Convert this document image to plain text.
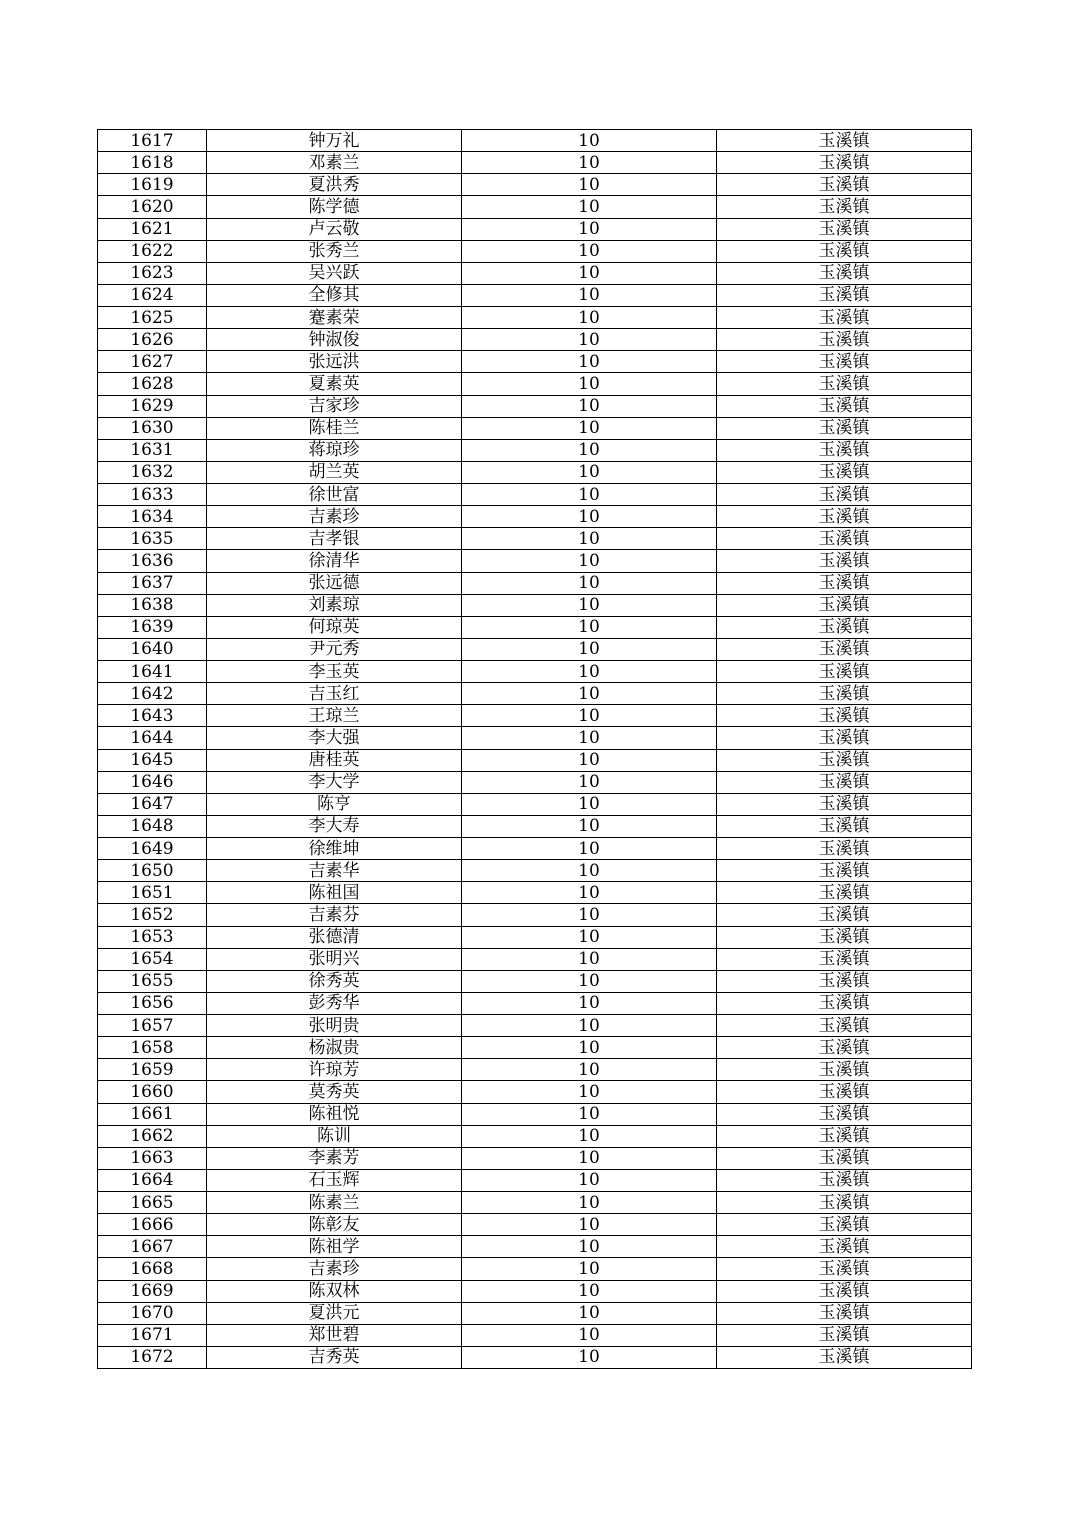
1617	钟万礼	10	玉溪镇
1618	邓素兰	10	玉溪镇
1619	夏洪秀	10	玉溪镇
1620	陈学德	10	玉溪镇
1621	卢云敬	10	玉溪镇
1622	张秀兰	10	玉溪镇
1623	吴兴跃	10	玉溪镇
1624	全修其	10	玉溪镇
1625	蹇素荣	10	玉溪镇
1626	钟淑俊	10	玉溪镇
1627	张远洪	10	玉溪镇
1628	夏素英	10	玉溪镇
1629	吉家珍	10	玉溪镇
1630	陈桂兰	10	玉溪镇
1631	蒋琼珍	10	玉溪镇
1632	胡兰英	10	玉溪镇
1633	徐世富	10	玉溪镇
1634	吉素珍	10	玉溪镇
1635	吉孝银	10	玉溪镇
1636	徐清华	10	玉溪镇
1637	张远德	10	玉溪镇
1638	刘素琼	10	玉溪镇
1639	何琼英	10	玉溪镇
1640	尹元秀	10	玉溪镇
1641	李玉英	10	玉溪镇
1642	吉玉红	10	玉溪镇
1643	王琼兰	10	玉溪镇
1644	李大强	10	玉溪镇
1645	唐桂英	10	玉溪镇
1646	李大学	10	玉溪镇
1647	陈亨	10	玉溪镇
1648	李大寿	10	玉溪镇
1649	徐维坤	10	玉溪镇
1650	吉素华	10	玉溪镇
1651	陈祖国	10	玉溪镇
1652	吉素芬	10	玉溪镇
1653	张德清	10	玉溪镇
1654	张明兴	10	玉溪镇
1655	徐秀英	10	玉溪镇
1656	彭秀华	10	玉溪镇
1657	张明贵	10	玉溪镇
1658	杨淑贵	10	玉溪镇
1659	许琼芳	10	玉溪镇
1660	莫秀英	10	玉溪镇
1661	陈祖悦	10	玉溪镇
1662	陈训	10	玉溪镇
1663	李素芳	10	玉溪镇
1664	石玉辉	10	玉溪镇
1665	陈素兰	10	玉溪镇
1666	陈彰友	10	玉溪镇
1667	陈祖学	10	玉溪镇
1668	吉素珍	10	玉溪镇
1669	陈双林	10	玉溪镇
1670	夏洪元	10	玉溪镇
1671	郑世碧	10	玉溪镇
1672	吉秀英	10	玉溪镇
